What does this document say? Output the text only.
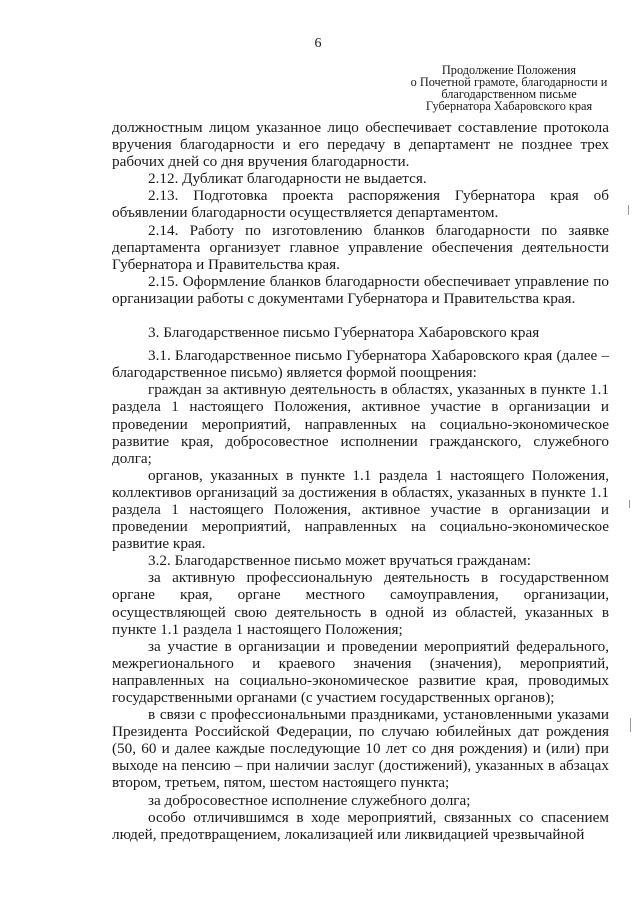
6
Продолжение Положения
о Почетной грамоте, благодарности и
благодарственном письме
Губернатора Хабаровского края

должностным лицом указанное лицо обеспечивает составление протокола вручения благодарности и его передачу в департамент не позднее трех рабочих дней со дня вручения благодарности.

2.12. Дубликат благодарности не выдается.

2.13. Подготовка проекта распоряжения Губернатора края об объявлении благодарности осуществляется департаментом.

2.14. Работу по изготовлению бланков благодарности по заявке департамента организует главное управление обеспечения деятельности Губернатора и Правительства края.

2.15. Оформление бланков благодарности обеспечивает управление по организации работы с документами Губернатора и Правительства края.

3. Благодарственное письмо Губернатора Хабаровского края

3.1. Благодарственное письмо Губернатора Хабаровского края (далее – благодарственное письмо) является формой поощрения:

граждан за активную деятельность в областях, указанных в пункте 1.1 раздела 1 настоящего Положения, активное участие в организации и проведении мероприятий, направленных на социально-экономическое развитие края, добросовестное исполнении гражданского, служебного долга;

органов, указанных в пункте 1.1 раздела 1 настоящего Положения, коллективов организаций за достижения в областях, указанных в пункте 1.1 раздела 1 настоящего Положения, активное участие в организации и проведении мероприятий, направленных на социально-экономическое развитие края.

3.2. Благодарственное письмо может вручаться гражданам:

за активную профессиональную деятельность в государственном органе края, органе местного самоуправления, организации, осуществляющей свою деятельность в одной из областей, указанных в пункте 1.1 раздела 1 настоящего Положения;

за участие в организации и проведении мероприятий федерального, межрегионального и краевого значения (значения), мероприятий, направленных на социально-экономическое развитие края, проводимых государственными органами (с участием государственных органов);

в связи с профессиональными праздниками, установленными указами Президента Российской Федерации, по случаю юбилейных дат рождения (50, 60 и далее каждые последующие 10 лет со дня рождения) и (или) при выходе на пенсию – при наличии заслуг (достижений), указанных в абзацах втором, третьем, пятом, шестом настоящего пункта;

за добросовестное исполнение служебного долга;

особо отличившимся в ходе мероприятий, связанных со спасением людей, предотвращением, локализацией или ликвидацией чрезвычайной
